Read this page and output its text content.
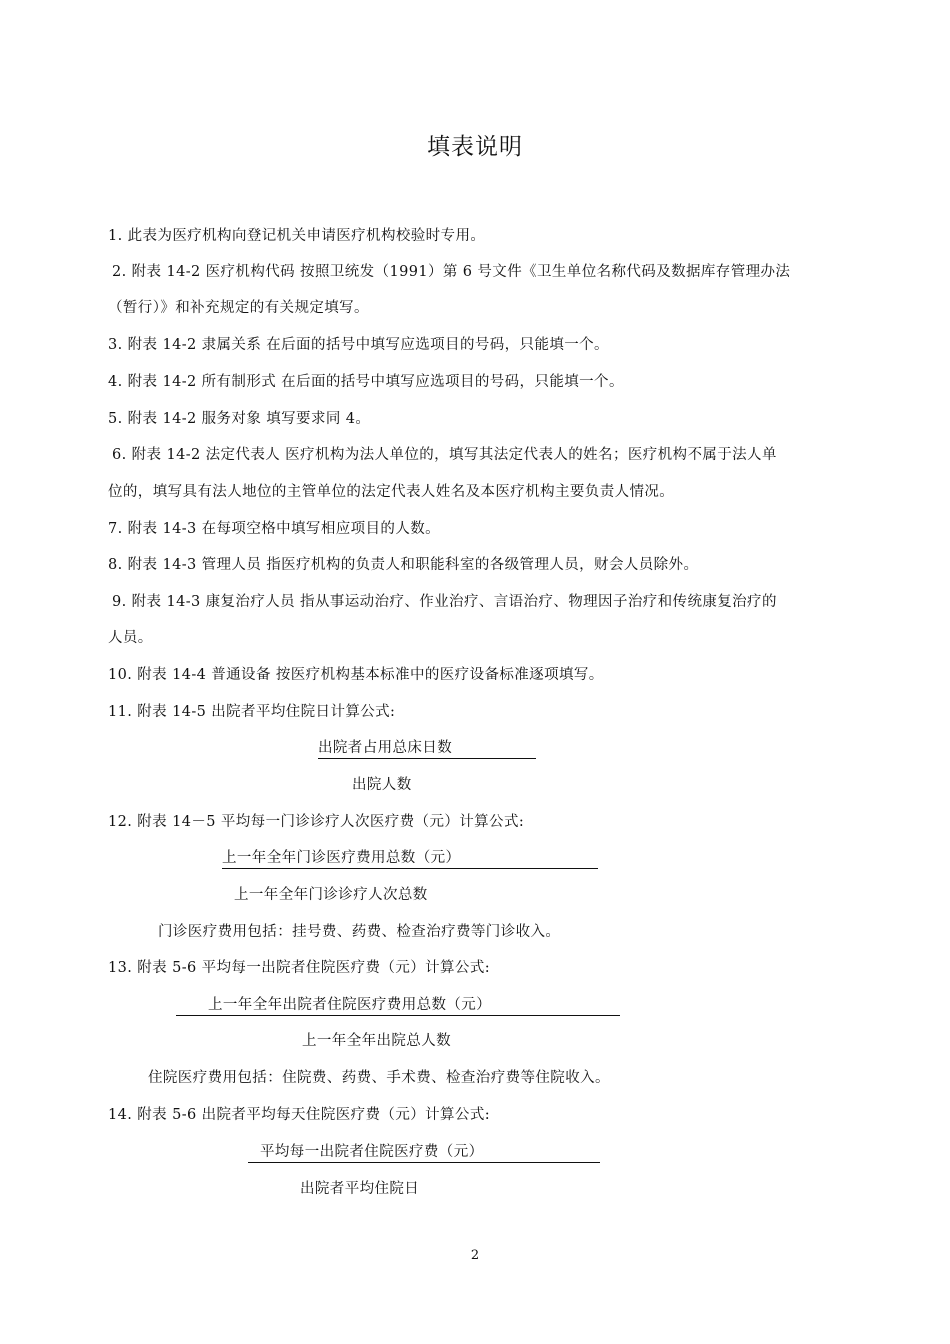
填表说明
1. 此表为医疗机构向登记机关申请医疗机构校验时专用。
2. 附表 14-2 医疗机构代码 按照卫统发（1991）第 6 号文件《卫生单位名称代码及数据库存管理办法
（暂行）》和补充规定的有关规定填写。
3. 附表 14-2 隶属关系 在后面的括号中填写应选项目的号码，只能填一个。
4. 附表 14-2 所有制形式 在后面的括号中填写应选项目的号码，只能填一个。
5. 附表 14-2 服务对象 填写要求同 4。
6. 附表 14-2 法定代表人 医疗机构为法人单位的，填写其法定代表人的姓名；医疗机构不属于法人单
位的，填写具有法人地位的主管单位的法定代表人姓名及本医疗机构主要负责人情况。
7. 附表 14-3 在每项空格中填写相应项目的人数。
8. 附表 14-3 管理人员 指医疗机构的负责人和职能科室的各级管理人员，财会人员除外。
9. 附表 14-3 康复治疗人员 指从事运动治疗、作业治疗、言语治疗、物理因子治疗和传统康复治疗的
人员。
10. 附表 14-4 普通设备 按医疗机构基本标准中的医疗设备标准逐项填写。
11. 附表 14-5 出院者平均住院日计算公式:
出院者占用总床日数
出院人数
12. 附表 14－5 平均每一门诊诊疗人次医疗费（元）计算公式:
上一年全年门诊医疗费用总数（元）
上一年全年门诊诊疗人次总数
门诊医疗费用包括：挂号费、药费、检查治疗费等门诊收入。
13. 附表 5-6 平均每一出院者住院医疗费（元）计算公式:
上一年全年出院者住院医疗费用总数（元）
上一年全年出院总人数
住院医疗费用包括：住院费、药费、手术费、检查治疗费等住院收入。
14. 附表 5-6 出院者平均每天住院医疗费（元）计算公式:
平均每一出院者住院医疗费（元）
出院者平均住院日
2
